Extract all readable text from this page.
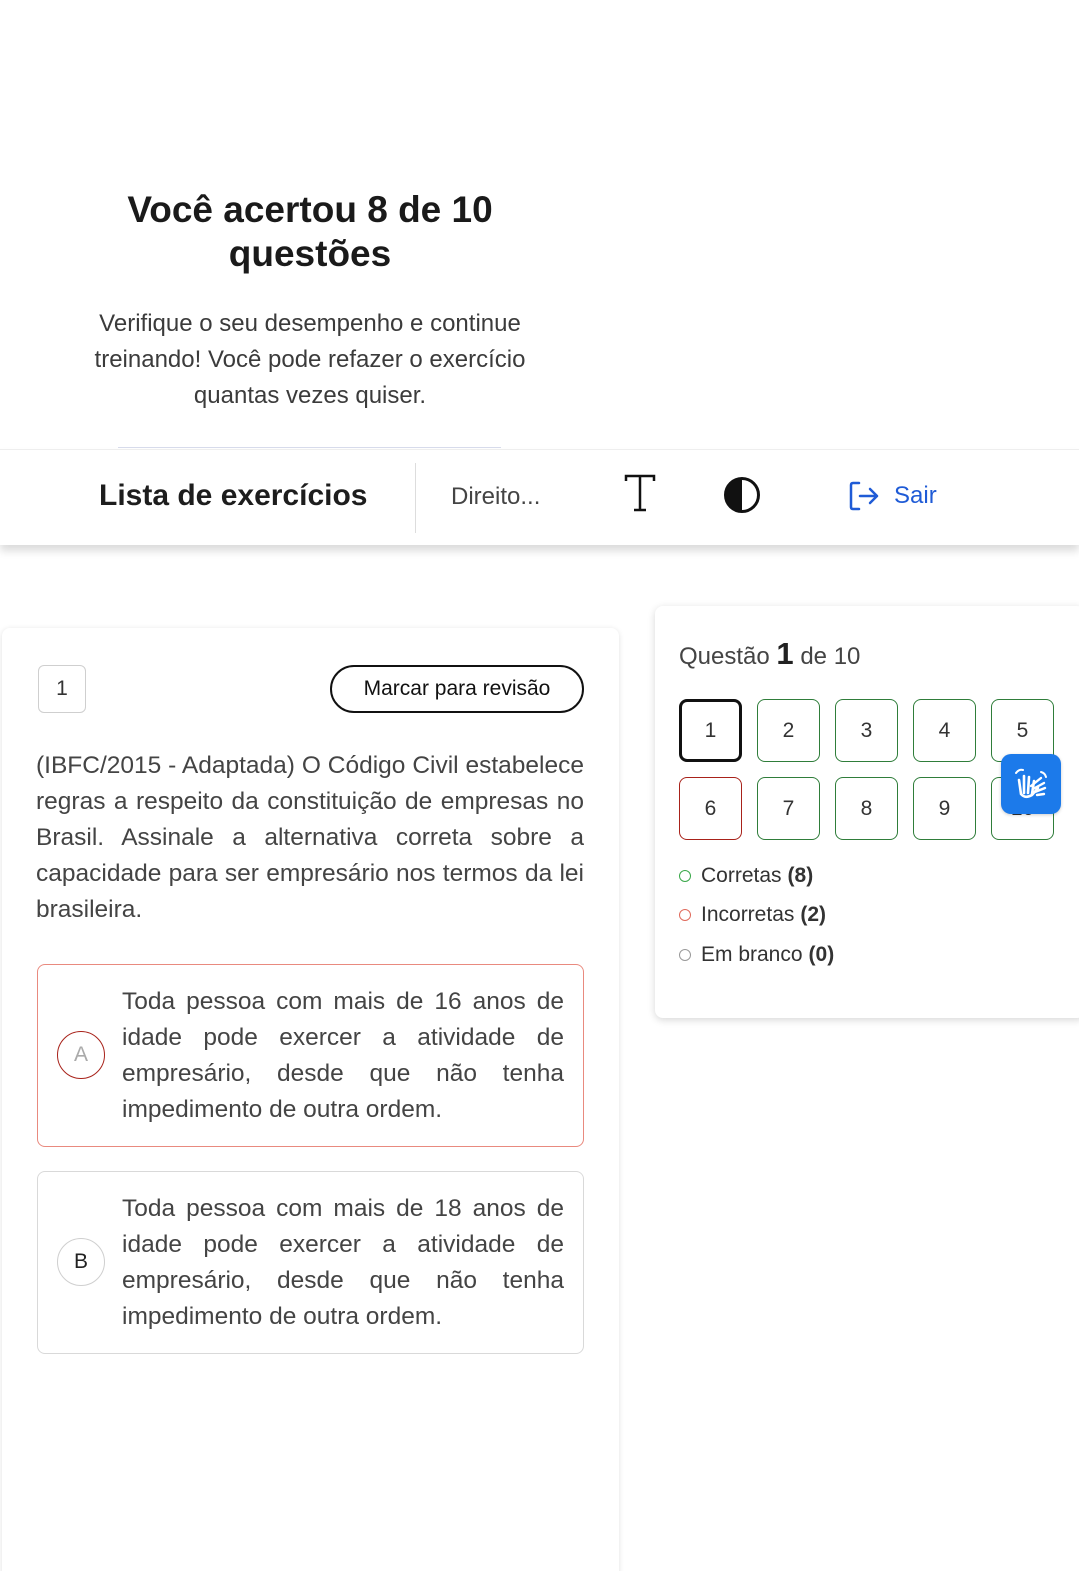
Você acertou 8 de 10 questões

Verifique o seu desempenho e continue treinando! Você pode refazer o exercício quantas vezes quiser.

Lista de exercícios	Direito...	Sair
1	Marcar para revisão
(IBFC/2015 - Adaptada) O Código Civil estabelece regras a respeito da constituição de empresas no Brasil. Assinale a alternativa correta sobre a capacidade para ser empresário nos termos da lei brasileira.
A
Toda pessoa com mais de 16 anos de idade pode exercer a atividade de empresário, desde que não tenha impedimento de outra ordem.
B
Toda pessoa com mais de 18 anos de idade pode exercer a atividade de empresário, desde que não tenha impedimento de outra ordem.
Questão 1 de 10
1	2	3	4	5
6	7	8	9
Corretas (8)
Incorretas (2)
Em branco (0)
